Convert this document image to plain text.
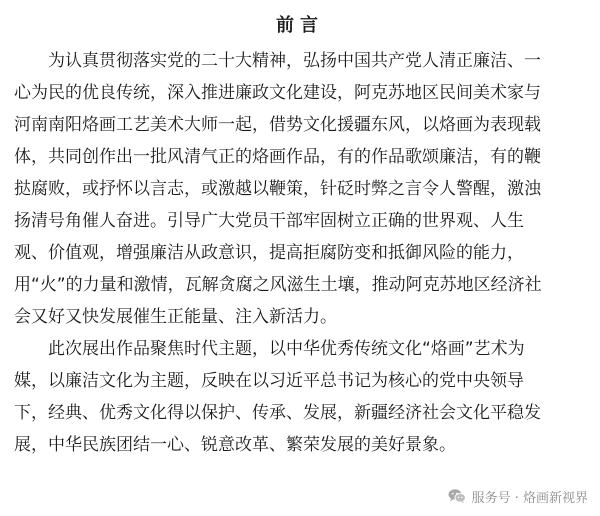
前言
　　为认真贯彻落实党的二十大精神，弘扬中国共产党人清正廉洁、一
心为民的优良传统，深入推进廉政文化建设，阿克苏地区民间美术家与
河南南阳烙画工艺美术大师一起，借势文化援疆东风，以烙画为表现载
体，共同创作出一批风清气正的烙画作品，有的作品歌颂廉洁，有的鞭
挞腐败，或抒怀以言志，或激越以鞭策，针砭时弊之言令人警醒，激浊
扬清号角催人奋进。引导广大党员干部牢固树立正确的世界观、人生
观、价值观，增强廉洁从政意识，提高拒腐防变和抵御风险的能力，
用“火”的力量和激情，瓦解贪腐之风滋生土壤，推动阿克苏地区经济社
会又好又快发展催生正能量、注入新活力。
　　此次展出作品聚焦时代主题，以中华优秀传统文化“烙画”艺术为
媒，以廉洁文化为主题，反映在以习近平总书记为核心的党中央领导
下，经典、优秀文化得以保护、传承、发展，新疆经济社会文化平稳发
展，中华民族团结一心、锐意改革、繁荣发展的美好景象。
服务号 · 烙画新视界
